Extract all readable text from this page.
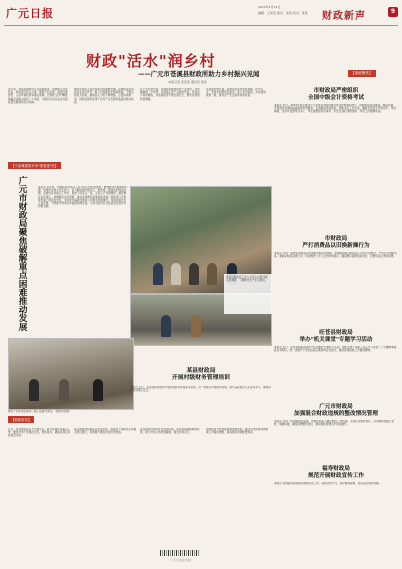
广元日报	2023年1月11日
编辑：王某某 版式：某某 校对：某某	财政新声	9
财政"活水"润乡村
——广元市苍溪县财政所助力乡村振兴见闻
本报记者 某某某 通讯员 某某
【财政聚焦】
近年来，苍溪县财政局立足职能职责，积极整合涉农资金，持续加大投入力度，聚焦产业发展、基础设施建设、人居环境改善等重点领域，让财政"活水"精准滴灌乡村振兴的每一个角落，为推动全县农业农村高质量发展提供坚实保障。
财政资金投入是乡村振兴的重要支撑。县财政局坚持把农业农村作为一般公共预算优先保障领域，不断完善投入机制，确保投入力度不断增强、总量持续增加，统筹各级资金用于乡村产业发展和基础设施补短板。
在产业发展方面，县财政局围绕特色产业布局，支持猕猴桃、中药材、生猪等主导产业提档升级，带动农户持续增收，村集体经济不断发展壮大，群众获得感明显增强。
在基础设施方面，统筹资金支持农村道路、饮水安全、农田水利等项目建设，着力补齐短板，乡村面貌焕然一新，群众生产生活条件持续改善。
市财政局严密组织
全国中级会计资格考试
本报讯 近日，2022年度全国会计专业技术中级资格考试在我市顺利举行。市财政局高度重视，周密部署，严格落实各项防控措施和考务要求，认真组织考前培训，细化考点工作方案，确保考试安全平稳有序。考试期间，全市共设置考点多个，考生按要求有序参考，未发生违纪违规现象，考试工作圆满完成。
市财政局
严打消费品以旧换新操行为
本报讯 为进一步规范消费品以旧换新补贴资金管理，市财政局联合相关部门开展专项整治，严厉打击虚假交易、套取补贴等违规行为，切实维护公平公正的市场秩序，确保惠民政策落到实处，让群众真正得到实惠。
旺苍县财政局
举办"机关课堂"专题学习活动
本报讯 近日，旺苍县财政局举办"机关课堂"专题学习活动，组织全体干部职工深入学习党的二十大精神和财政业务知识，进一步提升干部队伍政治素养和业务能力，推动各项财政工作提质增效。
广元市财政局
加强混合财政违规的整改情况管理
本报讯 为进一步加强财会监督，市财政局着力健全整改工作机制，压紧压实整改责任，对问题逐项建立台账、明确时限，确保问题整改到位，推动财政管理水平持续提升。
福寿财政局
规范开展财政宣传工作
本报讯 县财政局持续强化财政宣传工作，创新宣传方式，讲好财政故事，营造良好舆论氛围。
【干部兼重措并举"推窗惠"民】
广元市财政局聚焦破解重点困难推动发展	本报讯 近年来，市财政局坚持以人民为中心的发展思想，聚焦群众急难愁盼问题，统筹资金加大民生投入，着力解决群众最关心、最直接、最现实的利益问题。在推进乡村振兴工作中，财政干部深入一线，走村入户开展调研，倾听群众意见建议，协调解决实际困难，推动各项惠民政策落地见效。财政部门还积极争取上级资金支持，支持农村基础设施和公共服务设施建设，持续改善农村人居环境，不断提升群众的幸福感和满意度，为全市经济社会高质量发展作出积极贡献。
苍溪县财政局工作人员深入村组开展走访调研，了解群众生产生活情况。
财政干部在项目现场了解工程建设进度。（财政局供图）
某县财政局
开展村级财务管理培训
本报讯 近日，某县财政局组织开展村级财务管理业务培训，进一步规范村级财务管理，提升基层财会人员业务水平，确保资金使用规范安全。
【财政短讯】
近日，某县财政局召开专题会议，研究部署年度重点工作，要求全体干部强化担当，狠抓落实，确保各项任务高质量完成。
某区财政局积极盘活存量资金，统筹用于保障民生和重点项目建设，有效提升财政资金使用效益。
某县财政局持续优化营商环境，落实落细减税降费政策，助力市场主体纾困解难，激发市场活力。
市财政局开展预算绩效管理培训，推动全市预算绩效管理工作提质增效，提高财政资源配置效率。
广元日报社出版
